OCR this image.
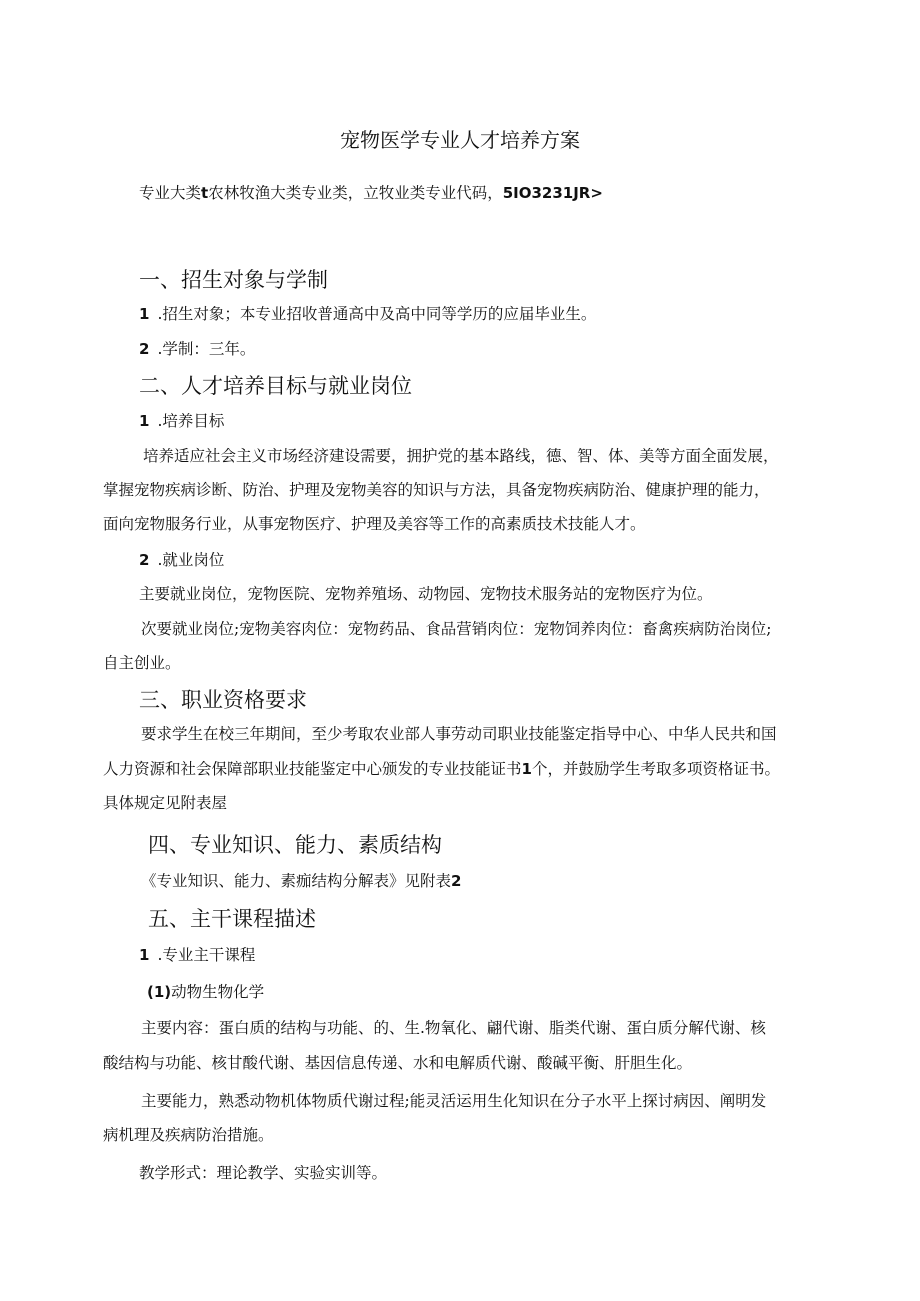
宠物医学专业人才培养方案
专业大类t农林牧渔大类专业类，立牧业类专业代码，5IO3231JR>
一、招生对象与学制
1 .招生对象；本专业招收普通高中及高中同等学历的应届毕业生。
2 .学制：三年。
二、人才培养目标与就业岗位
1 .培养目标
培养适应社会主义市场经济建设需要，拥护党的基本路线，德、智、体、美等方面全面发展，
掌握宠物疾病诊断、防治、护理及宠物美容的知识与方法，具备宠物疾病防治、健康护理的能力，
面向宠物服务行业，从事宠物医疗、护理及美容等工作的高素质技术技能人才。
2 .就业岗位
主要就业岗位，宠物医院、宠物养殖场、动物园、宠物技术服务站的宠物医疗为位。
次要就业岗位;宠物美容肉位：宠物药品、食品营销肉位：宠物饲养肉位：畜禽疾病防治岗位;
自主创业。
三、职业资格要求
要求学生在校三年期间，至少考取农业部人事劳动司职业技能鉴定指导中心、中华人民共和国
人力资源和社会保障部职业技能鉴定中心颁发的专业技能证书1个，并鼓励学生考取多项资格证书。
具体规定见附表屋
四、专业知识、能力、素质结构
《专业知识、能力、素痂结构分解表》见附表2
五、主干课程描述
1 .专业主干课程
(1)动物生物化学
主要内容：蛋白质的结构与功能、的、生.物氧化、翩代谢、脂类代谢、蛋白质分解代谢、核
酸结构与功能、核甘酸代谢、基因信息传递、水和电解质代谢、酸碱平衡、肝胆生化。
主要能力，熟悉动物机体物质代谢过程;能灵活运用生化知识在分子水平上探讨病因、阐明发
病机理及疾病防治措施。
教学形式：理论教学、实验实训等。
